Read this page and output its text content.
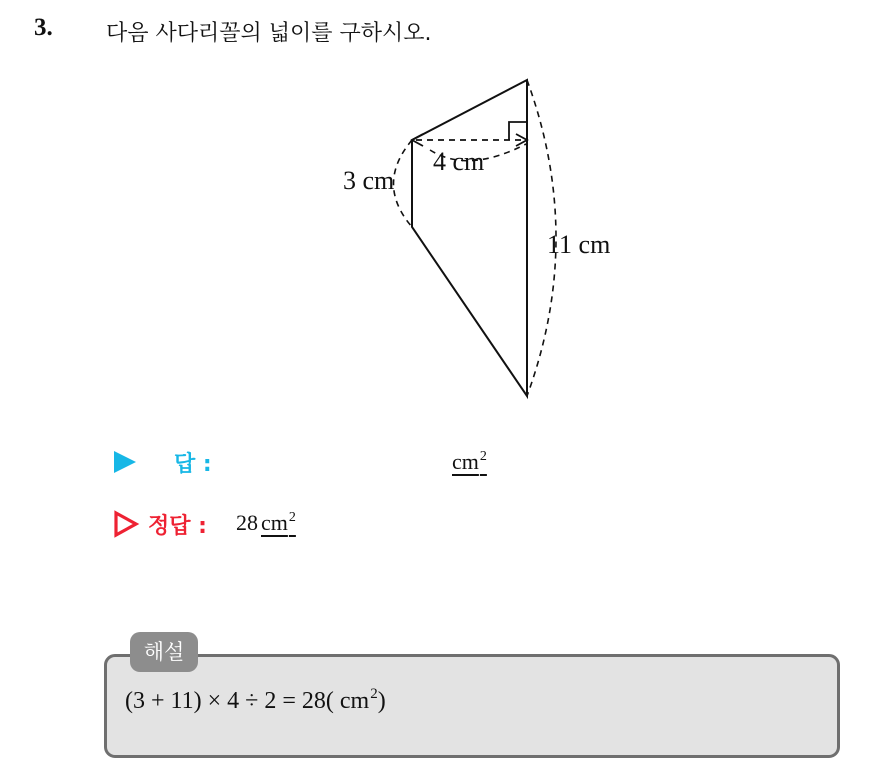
3. 다음 사다리꼴의 넓이를 구하시오.
3 cm
4 cm
11 cm
답 :	$cm^2$
정답 : 28 $cm^2$
해설
(3 + 11) × 4 ÷ 2 = 28( $cm^2$)
